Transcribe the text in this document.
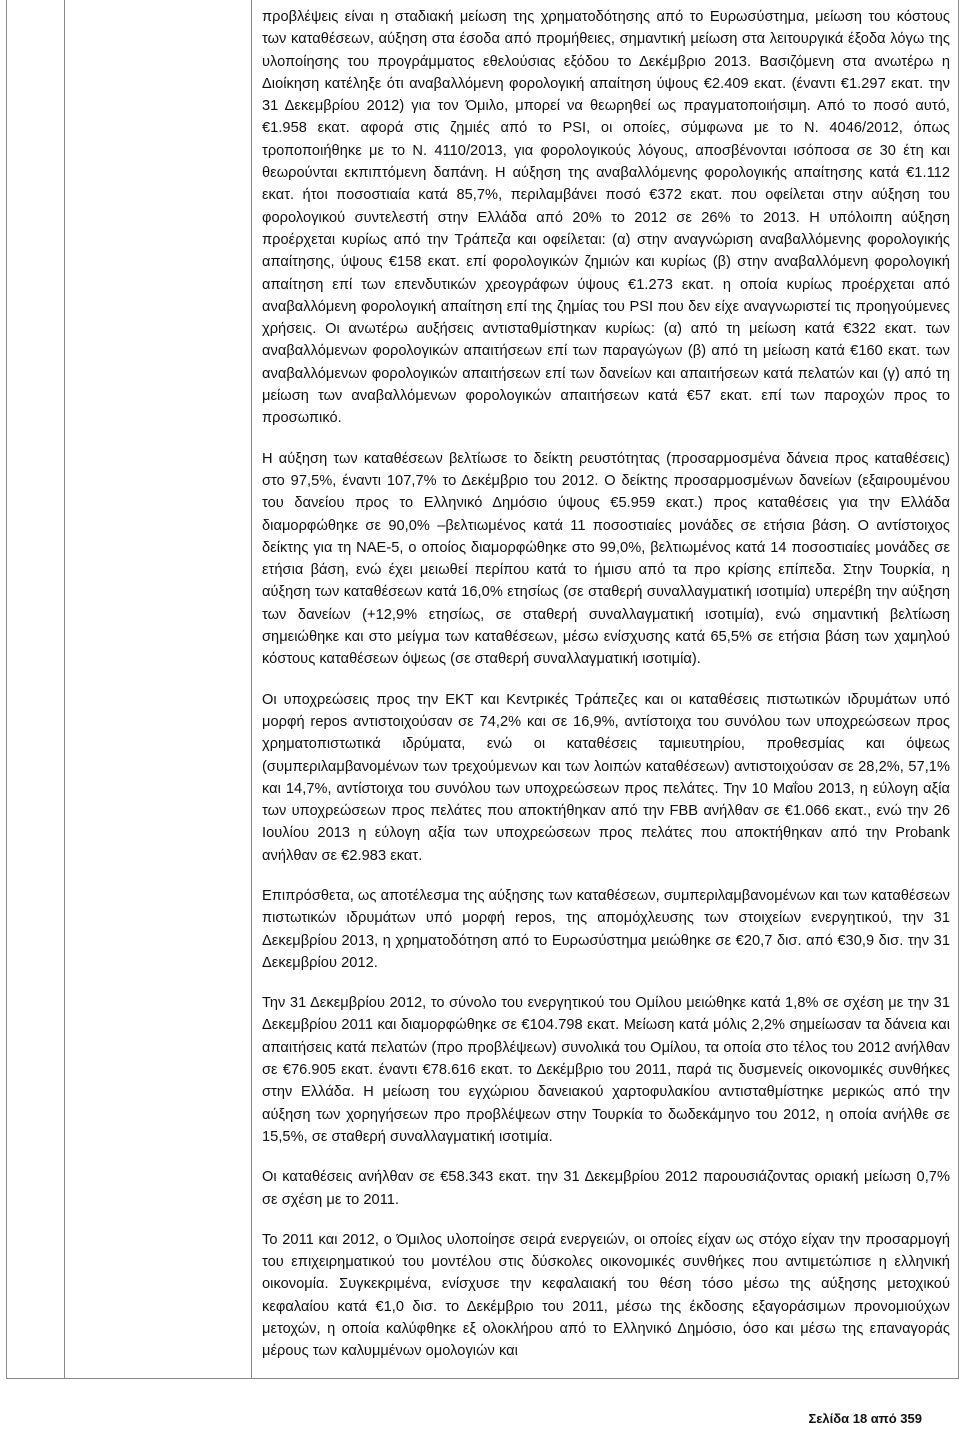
προβλέψεις είναι η σταδιακή μείωση της χρηματοδότησης από το Ευρωσύστημα, μείωση του κόστους των καταθέσεων, αύξηση στα έσοδα από προμήθειες, σημαντική μείωση στα λειτουργικά έξοδα λόγω της υλοποίησης του προγράμματος εθελούσιας εξόδου το Δεκέμβριο 2013. Βασιζόμενη στα ανωτέρω η Διοίκηση κατέληξε ότι αναβαλλόμενη φορολογική απαίτηση ύψους €2.409 εκατ. (έναντι €1.297 εκατ. την 31 Δεκεμβρίου 2012) για τον Όμιλο, μπορεί να θεωρηθεί ως πραγματοποιήσιμη. Από το ποσό αυτό, €1.958 εκατ. αφορά στις ζημιές από το PSI, οι οποίες, σύμφωνα με το Ν. 4046/2012, όπως τροποποιήθηκε με το Ν. 4110/2013, για φορολογικούς λόγους, αποσβένονται ισόποσα σε 30 έτη και θεωρούνται εκπιπτόμενη δαπάνη. Η αύξηση της αναβαλλόμενης φορολογικής απαίτησης κατά €1.112 εκατ. ήτοι ποσοστιαία κατά 85,7%, περιλαμβάνει ποσό €372 εκατ. που οφείλεται στην αύξηση του φορολογικού συντελεστή στην Ελλάδα από 20% το 2012 σε 26% το 2013. Η υπόλοιπη αύξηση προέρχεται κυρίως από την Τράπεζα και οφείλεται: (α) στην αναγνώριση αναβαλλόμενης φορολογικής απαίτησης, ύψους €158 εκατ. επί φορολογικών ζημιών και κυρίως (β) στην αναβαλλόμενη φορολογική απαίτηση επί των επενδυτικών χρεογράφων ύψους €1.273 εκατ. η οποία κυρίως προέρχεται από αναβαλλόμενη φορολογική απαίτηση επί της ζημίας του PSI που δεν είχε αναγνωριστεί τις προηγούμενες χρήσεις. Οι ανωτέρω αυξήσεις αντισταθμίστηκαν κυρίως: (α) από τη μείωση κατά €322 εκατ. των αναβαλλόμενων φορολογικών απαιτήσεων επί των παραγώγων (β) από τη μείωση κατά €160 εκατ. των αναβαλλόμενων φορολογικών απαιτήσεων επί των δανείων και απαιτήσεων κατά πελατών και (γ) από τη μείωση των αναβαλλόμενων φορολογικών απαιτήσεων κατά €57 εκατ. επί των παροχών προς το προσωπικό.

Η αύξηση των καταθέσεων βελτίωσε το δείκτη ρευστότητας (προσαρμοσμένα δάνεια προς καταθέσεις) στο 97,5%, έναντι 107,7% το Δεκέμβριο του 2012. Ο δείκτης προσαρμοσμένων δανείων (εξαιρουμένου του δανείου προς το Ελληνικό Δημόσιο ύψους €5.959 εκατ.) προς καταθέσεις για την Ελλάδα διαμορφώθηκε σε 90,0% –βελτιωμένος κατά 11 ποσοστιαίες μονάδες σε ετήσια βάση. Ο αντίστοιχος δείκτης για τη ΝΑΕ-5, ο οποίος διαμορφώθηκε στο 99,0%, βελτιωμένος κατά 14 ποσοστιαίες μονάδες σε ετήσια βάση, ενώ έχει μειωθεί περίπου κατά το ήμισυ από τα προ κρίσης επίπεδα. Στην Τουρκία, η αύξηση των καταθέσεων κατά 16,0% ετησίως (σε σταθερή συναλλαγματική ισοτιμία) υπερέβη την αύξηση των δανείων (+12,9% ετησίως, σε σταθερή συναλλαγματική ισοτιμία), ενώ σημαντική βελτίωση σημειώθηκε και στο μείγμα των καταθέσεων, μέσω ενίσχυσης κατά 65,5% σε ετήσια βάση των χαμηλού κόστους καταθέσεων όψεως (σε σταθερή συναλλαγματική ισοτιμία).

Οι υποχρεώσεις προς την ΕΚΤ και Κεντρικές Τράπεζες και οι καταθέσεις πιστωτικών ιδρυμάτων υπό μορφή repos αντιστοιχούσαν σε 74,2% και σε 16,9%, αντίστοιχα του συνόλου των υποχρεώσεων προς χρηματοπιστωτικά ιδρύματα, ενώ οι καταθέσεις ταμιευτηρίου, προθεσμίας και όψεως (συμπεριλαμβανομένων των τρεχούμενων και των λοιπών καταθέσεων) αντιστοιχούσαν σε 28,2%, 57,1% και 14,7%, αντίστοιχα του συνόλου των υποχρεώσεων προς πελάτες. Την 10 Μαΐου 2013, η εύλογη αξία των υποχρεώσεων προς πελάτες που αποκτήθηκαν από την FBB ανήλθαν σε €1.066 εκατ., ενώ την 26 Ιουλίου 2013 η εύλογη αξία των υποχρεώσεων προς πελάτες που αποκτήθηκαν από την Probank ανήλθαν σε €2.983 εκατ.

Επιπρόσθετα, ως αποτέλεσμα της αύξησης των καταθέσεων, συμπεριλαμβανομένων και των καταθέσεων πιστωτικών ιδρυμάτων υπό μορφή repos, της απομόχλευσης των στοιχείων ενεργητικού, την 31 Δεκεμβρίου 2013, η χρηματοδότηση από το Ευρωσύστημα μειώθηκε σε €20,7 δισ. από €30,9 δισ. την 31 Δεκεμβρίου 2012.

Την 31 Δεκεμβρίου 2012, το σύνολο του ενεργητικού του Ομίλου μειώθηκε κατά 1,8% σε σχέση με την 31 Δεκεμβρίου 2011 και διαμορφώθηκε σε €104.798 εκατ. Μείωση κατά μόλις 2,2% σημείωσαν τα δάνεια και απαιτήσεις κατά πελατών (προ προβλέψεων) συνολικά του Ομίλου, τα οποία στο τέλος του 2012 ανήλθαν σε €76.905 εκατ. έναντι €78.616 εκατ. το Δεκέμβριο του 2011, παρά τις δυσμενείς οικονομικές συνθήκες στην Ελλάδα. Η μείωση του εγχώριου δανειακού χαρτοφυλακίου αντισταθμίστηκε μερικώς από την αύξηση των χορηγήσεων προ προβλέψεων στην Τουρκία το δωδεκάμηνο του 2012, η οποία ανήλθε σε 15,5%, σε σταθερή συναλλαγματική ισοτιμία.

Οι καταθέσεις ανήλθαν σε €58.343 εκατ. την 31 Δεκεμβρίου 2012 παρουσιάζοντας οριακή μείωση 0,7% σε σχέση με το 2011.

Το 2011 και 2012, ο Όμιλος υλοποίησε σειρά ενεργειών, οι οποίες είχαν ως στόχο είχαν την προσαρμογή του επιχειρηματικού του μοντέλου στις δύσκολες οικονομικές συνθήκες που αντιμετώπισε η ελληνική οικονομία. Συγκεκριμένα, ενίσχυσε την κεφαλαιακή του θέση τόσο μέσω της αύξησης μετοχικού κεφαλαίου κατά €1,0 δισ. το Δεκέμβριο του 2011, μέσω της έκδοσης εξαγοράσιμων προνομιούχων μετοχών, η οποία καλύφθηκε εξ ολοκλήρου από το Ελληνικό Δημόσιο, όσο και μέσω της επαναγοράς μέρους των καλυμμένων ομολογιών και

Σελίδα 18 από 359
